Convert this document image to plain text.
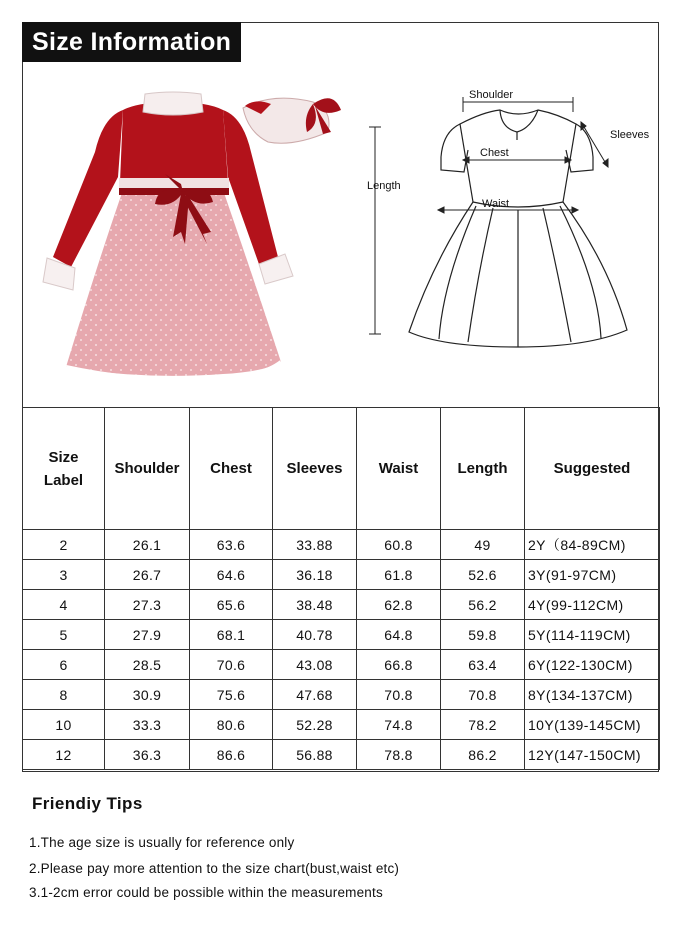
Size Information
Shoulder
Sleeves
Chest
Length
Waist
Size
Label	Shoulder	Chest	Sleeves	Waist	Length	Suggested
2	26.1	63.6	33.88	60.8	49	2Y（84-89CM)
3	26.7	64.6	36.18	61.8	52.6	3Y(91-97CM)
4	27.3	65.6	38.48	62.8	56.2	4Y(99-112CM)
5	27.9	68.1	40.78	64.8	59.8	5Y(114-119CM)
6	28.5	70.6	43.08	66.8	63.4	6Y(122-130CM)
8	30.9	75.6	47.68	70.8	70.8	8Y(134-137CM)
10	33.3	80.6	52.28	74.8	78.2	10Y(139-145CM)
12	36.3	86.6	56.88	78.8	86.2	12Y(147-150CM)
Friendiy Tips
1.The age size is usually for reference only
2.Please pay more attention to the size chart(bust,waist etc)
3.1-2cm error could be possible within the measurements
